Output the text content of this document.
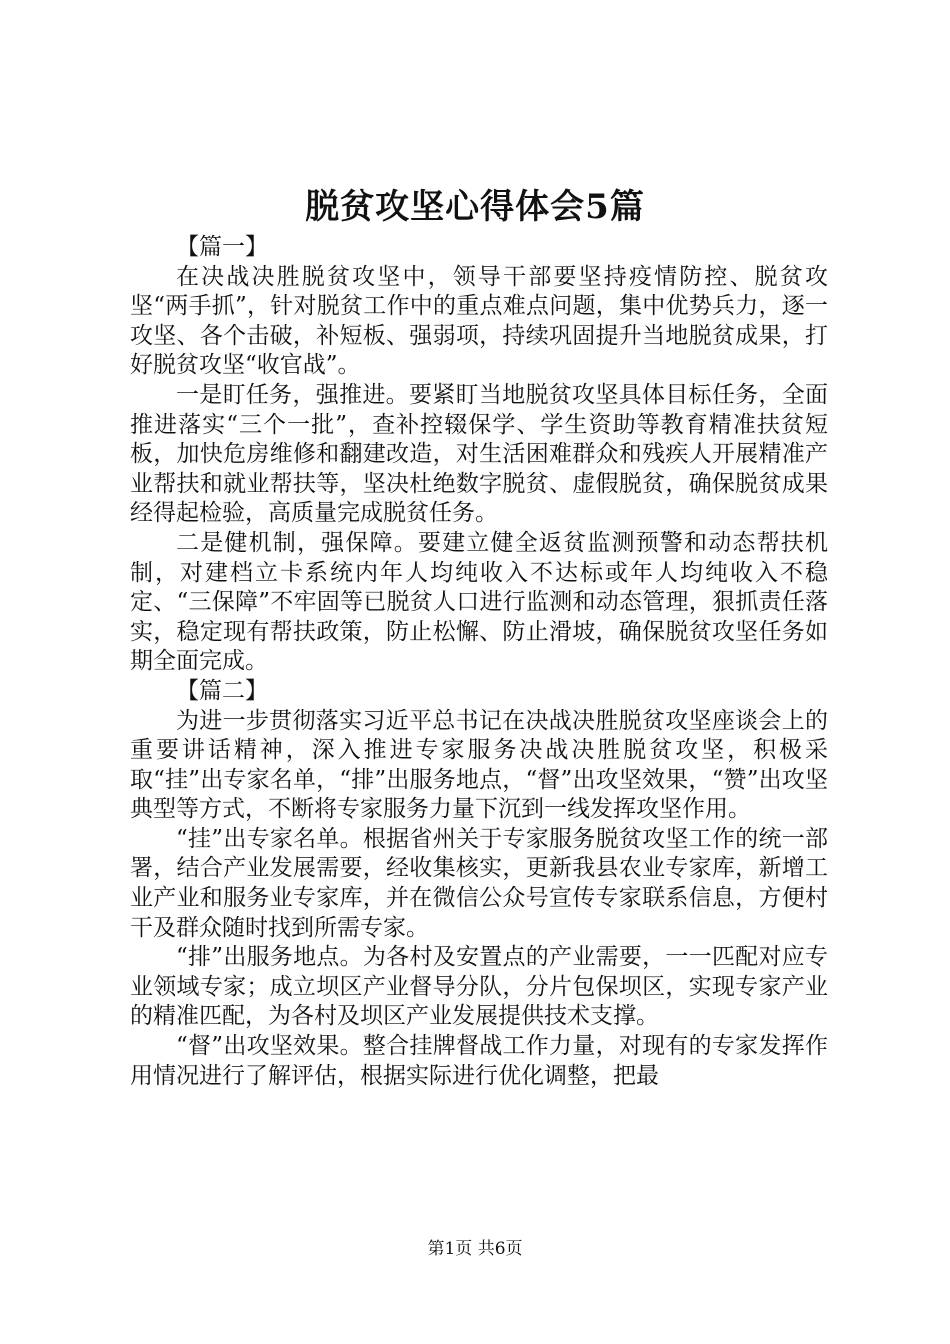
脱贫攻坚心得体会5篇
【篇一】

在决战决胜脱贫攻坚中，领导干部要坚持疫情防控、脱贫攻坚“两手抓”，针对脱贫工作中的重点难点问题，集中优势兵力，逐一攻坚、各个击破，补短板、强弱项，持续巩固提升当地脱贫成果，打好脱贫攻坚“收官战”。

一是盯任务，强推进。要紧盯当地脱贫攻坚具体目标任务，全面推进落实“三个一批”，查补控辍保学、学生资助等教育精准扶贫短板，加快危房维修和翻建改造，对生活困难群众和残疾人开展精准产业帮扶和就业帮扶等，坚决杜绝数字脱贫、虚假脱贫，确保脱贫成果经得起检验，高质量完成脱贫任务。

二是健机制，强保障。要建立健全返贫监测预警和动态帮扶机制，对建档立卡系统内年人均纯收入不达标或年人均纯收入不稳定、“三保障”不牢固等已脱贫人口进行监测和动态管理，狠抓责任落实，稳定现有帮扶政策，防止松懈、防止滑坡，确保脱贫攻坚任务如期全面完成。

【篇二】

为进一步贯彻落实习近平总书记在决战决胜脱贫攻坚座谈会上的重要讲话精神，深入推进专家服务决战决胜脱贫攻坚，积极采取“挂”出专家名单，“排”出服务地点，“督”出攻坚效果，“赞”出攻坚典型等方式，不断将专家服务力量下沉到一线发挥攻坚作用。

“挂”出专家名单。根据省州关于专家服务脱贫攻坚工作的统一部署，结合产业发展需要，经收集核实，更新我县农业专家库，新增工业产业和服务业专家库，并在微信公众号宣传专家联系信息，方便村干及群众随时找到所需专家。

“排”出服务地点。为各村及安置点的产业需要，一一匹配对应专业领域专家；成立坝区产业督导分队，分片包保坝区，实现专家产业的精准匹配，为各村及坝区产业发展提供技术支撑。

“督”出攻坚效果。整合挂牌督战工作力量，对现有的专家发挥作用情况进行了解评估，根据实际进行优化调整，把最

第1页 共6页
